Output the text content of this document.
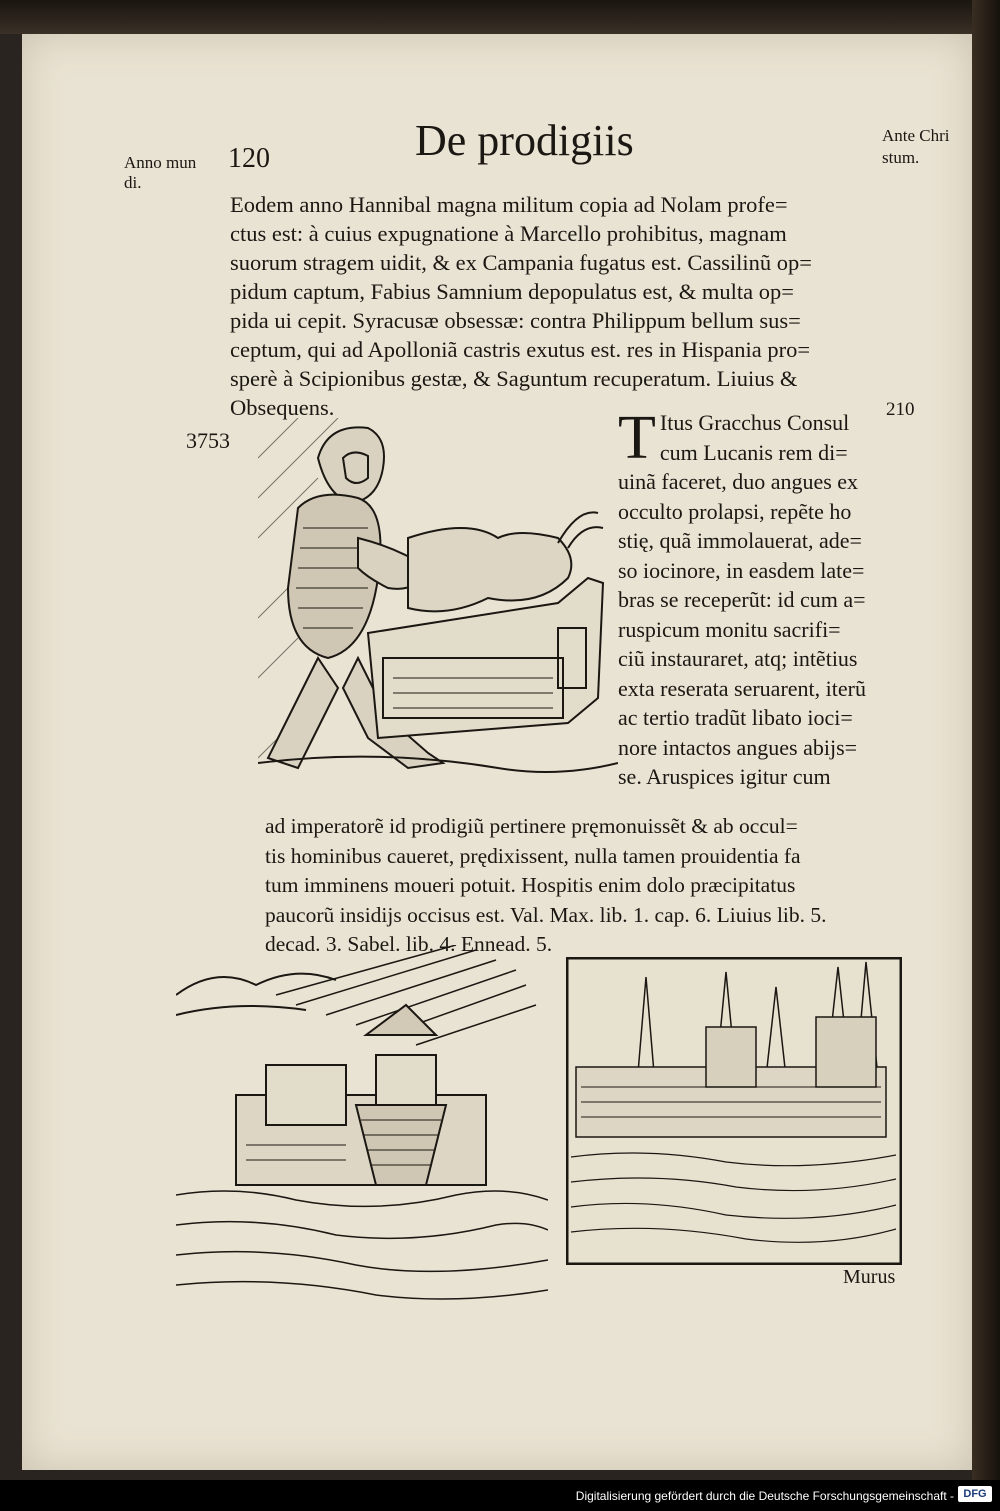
De prodigiis
Anno mun
di.
120
Ante Chri
stum.
Eodem anno Hannibal magna militum copia ad Nolam profe=
ctus est: à cuius expugnatione à Marcello prohibitus, magnam
suorum stragem uidit, & ex Campania fugatus est. Cassilinũ op=
pidum captum, Fabius Samnium depopulatus est, & multa op=
pida ui cepit. Syracusæ obsessæ: contra Philippum bellum sus=
ceptum, qui ad Apolloniã castris exutus est. res in Hispania pro=
sperè à Scipionibus gestæ, & Saguntum recuperatum. Liuius &
Obsequens.
3753
210
T Itus Gracchus Consul
cum Lucanis rem di=
uinã faceret, duo angues ex
occulto prolapsi, repẽte ho
stię, quã immolauerat, ade=
so iocinore, in easdem late=
bras se receperũt: id cum a=
ruspicum monitu sacrifi=
ciũ instauraret, atq; intẽtius
exta reserata seruarent, iterũ
ac tertio tradũt libato ioci=
nore intactos angues abijs=
se. Aruspices igitur cum
ad imperatorẽ id prodigiũ pertinere pręmonuissẽt & ab occul=
tis hominibus caueret, prędixissent, nulla tamen prouidentia fa
tum imminens moueri potuit. Hospitis enim dolo præcipitatus
paucorũ insidijs occisus est. Val. Max. lib. 1. cap. 6. Liuius lib. 5.
decad. 3. Sabel. lib. 4. Ennead. 5.
Murus
Digitalisierung gefördert durch die Deutsche Forschungsgemeinschaft - DFG
